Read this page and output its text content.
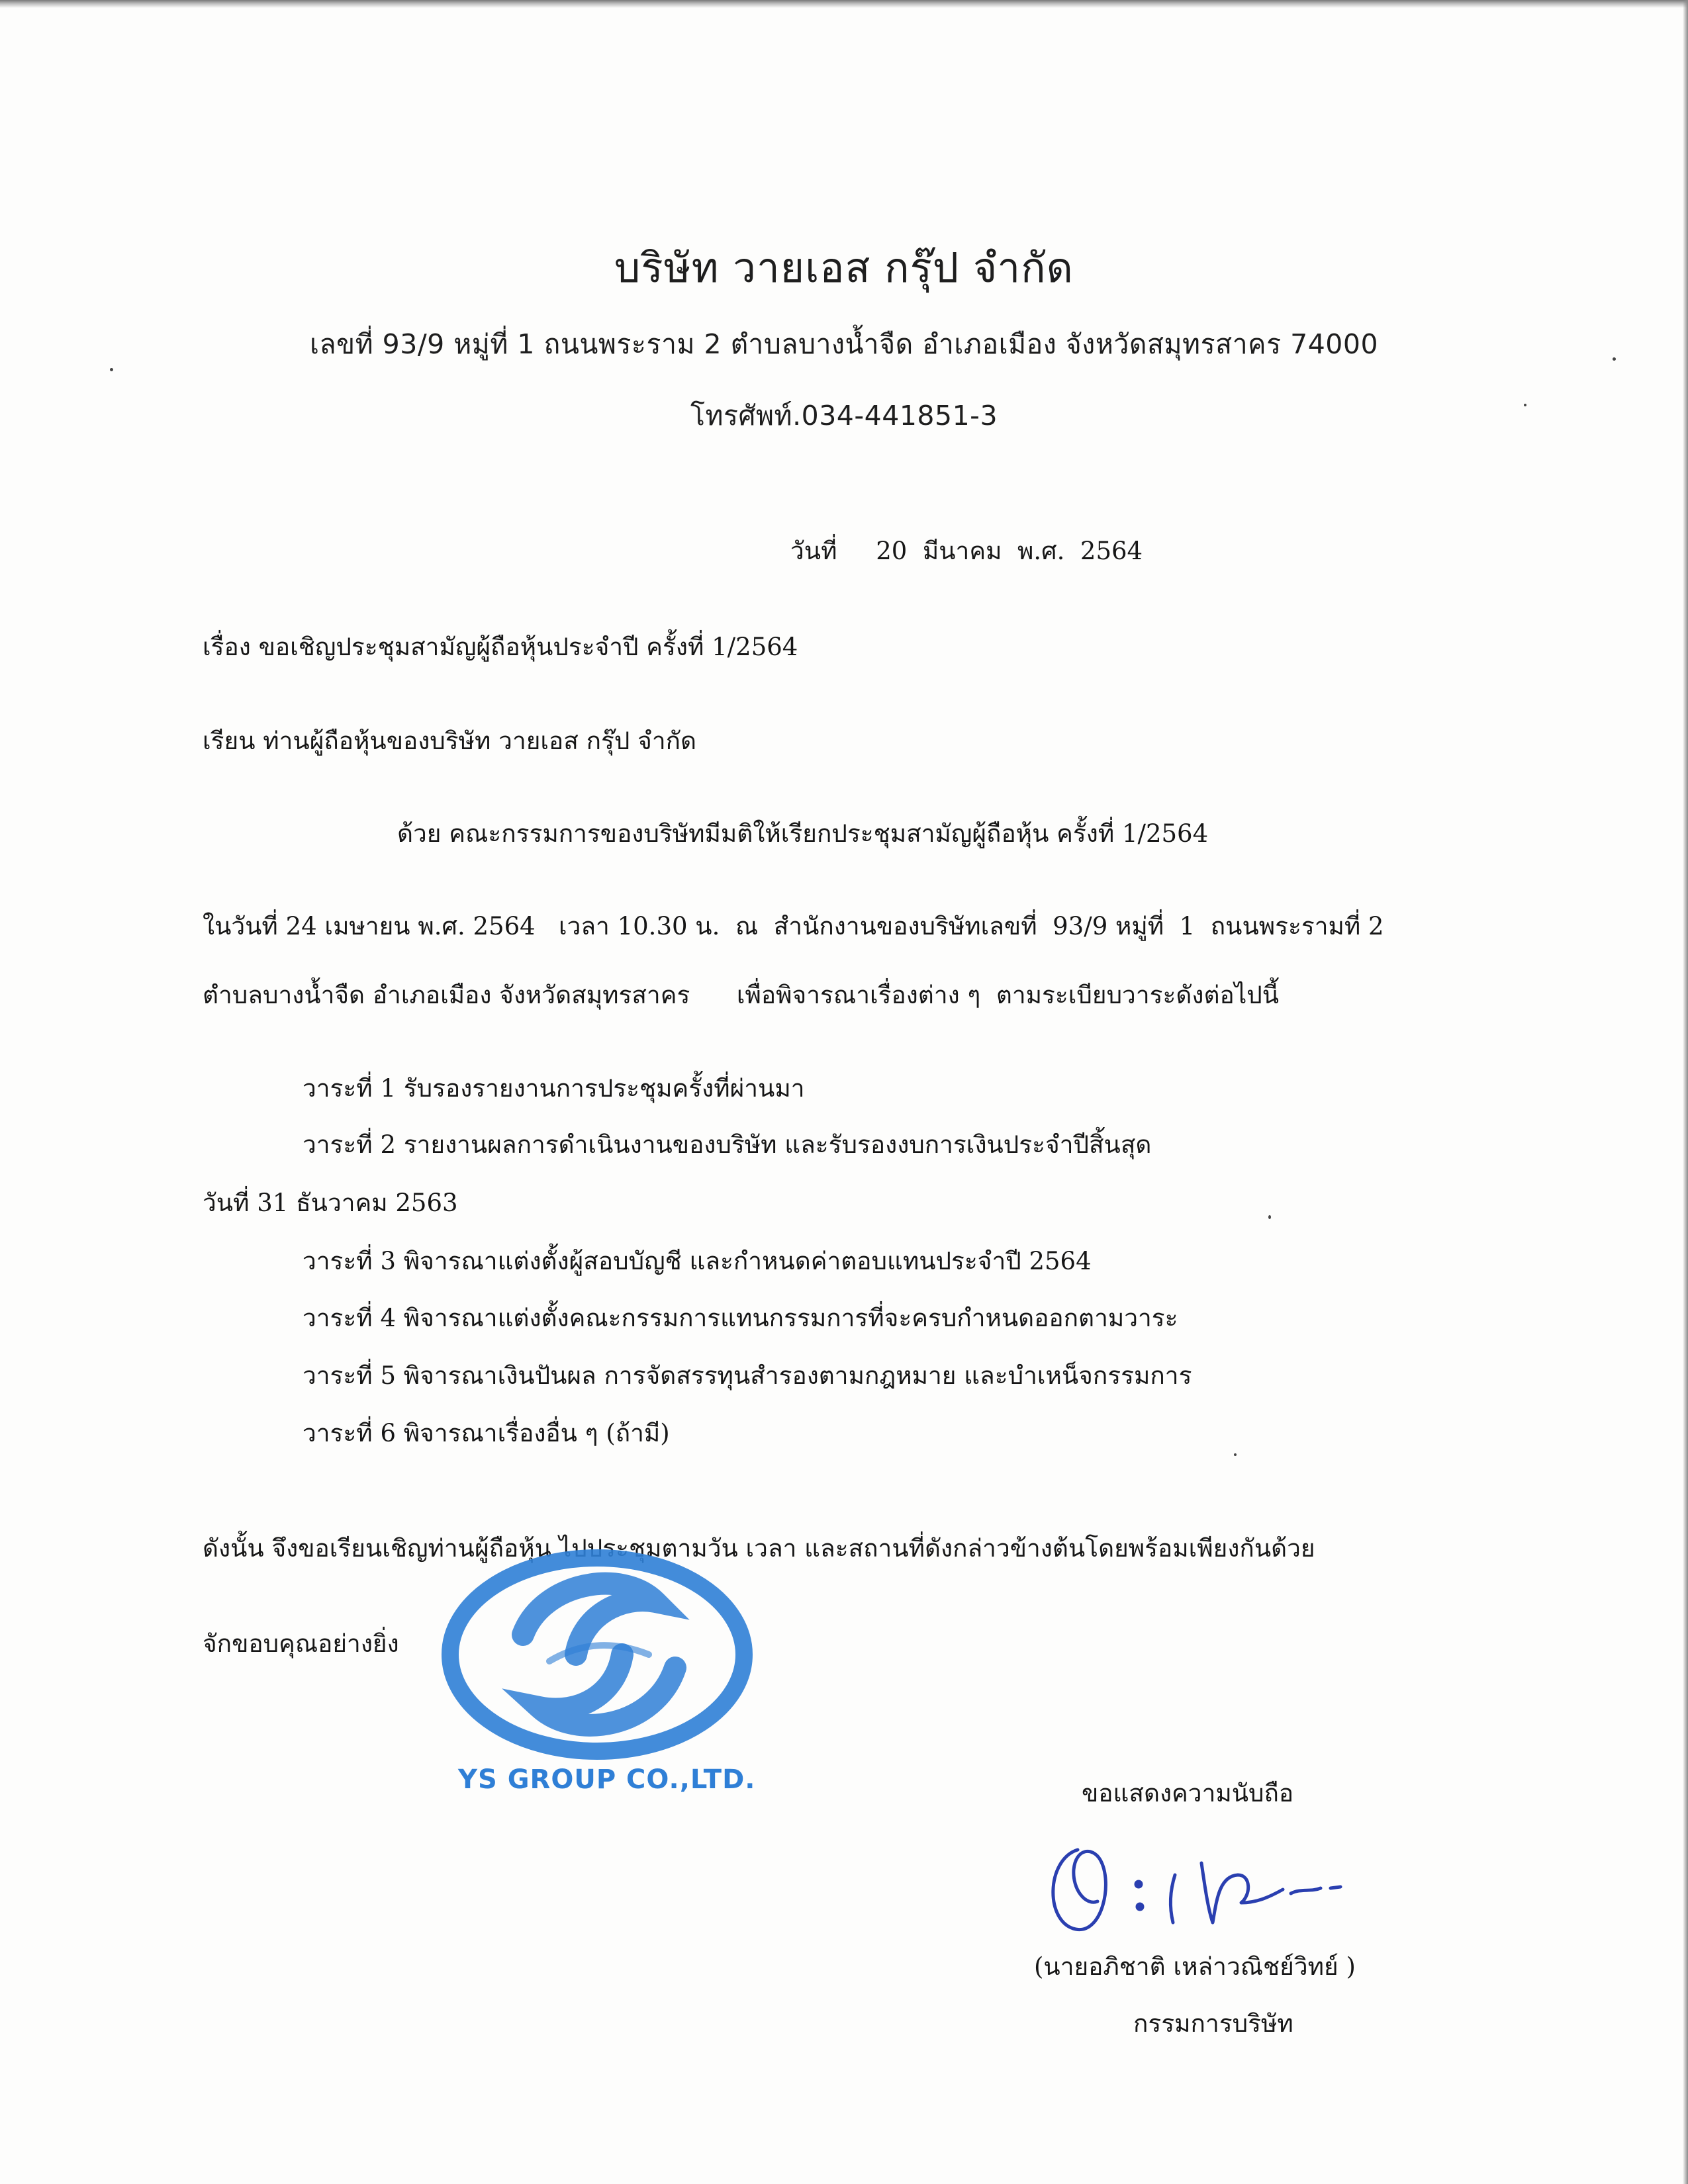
บริษัท วายเอส กรุ๊ป จำกัด

เลขที่ 93/9 หมู่ที่ 1 ถนนพระราม 2 ตำบลบางน้ำจืด อำเภอเมือง จังหวัดสมุทรสาคร 74000

โทรศัพท์.034-441851-3

วันที่     20  มีนาคม  พ.ศ.  2564

เรื่อง ขอเชิญประชุมสามัญผู้ถือหุ้นประจำปี ครั้งที่ 1/2564

เรียน ท่านผู้ถือหุ้นของบริษัท วายเอส กรุ๊ป จำกัด

ด้วย คณะกรรมการของบริษัทมีมติให้เรียกประชุมสามัญผู้ถือหุ้น ครั้งที่ 1/2564

ในวันที่ 24 เมษายน พ.ศ. 2564   เวลา 10.30 น.  ณ  สำนักงานของบริษัทเลขที่  93/9 หมู่ที่  1  ถนนพระรามที่ 2

ตำบลบางน้ำจืด อำเภอเมือง จังหวัดสมุทรสาคร      เพื่อพิจารณาเรื่องต่าง ๆ  ตามระเบียบวาระดังต่อไปนี้

วาระที่ 1 รับรองรายงานการประชุมครั้งที่ผ่านมา

วาระที่ 2 รายงานผลการดำเนินงานของบริษัท และรับรองงบการเงินประจำปีสิ้นสุด

วันที่ 31 ธันวาคม 2563

วาระที่ 3 พิจารณาแต่งตั้งผู้สอบบัญชี และกำหนดค่าตอบแทนประจำปี 2564

วาระที่ 4 พิจารณาแต่งตั้งคณะกรรมการแทนกรรมการที่จะครบกำหนดออกตามวาระ

วาระที่ 5 พิจารณาเงินปันผล การจัดสรรทุนสำรองตามกฎหมาย และบำเหน็จกรรมการ

วาระที่ 6 พิจารณาเรื่องอื่น ๆ (ถ้ามี)

ดังนั้น จึงขอเรียนเชิญท่านผู้ถือหุ้น ไปประชุมตามวัน เวลา และสถานที่ดังกล่าวข้างต้นโดยพร้อมเพียงกันด้วย

จักขอบคุณอย่างยิ่ง

YS GROUP CO.,LTD.	ขอแสดงความนับถือ

(นายอภิชาติ เหล่าวณิชย์วิทย์ )

กรรมการบริษัท
